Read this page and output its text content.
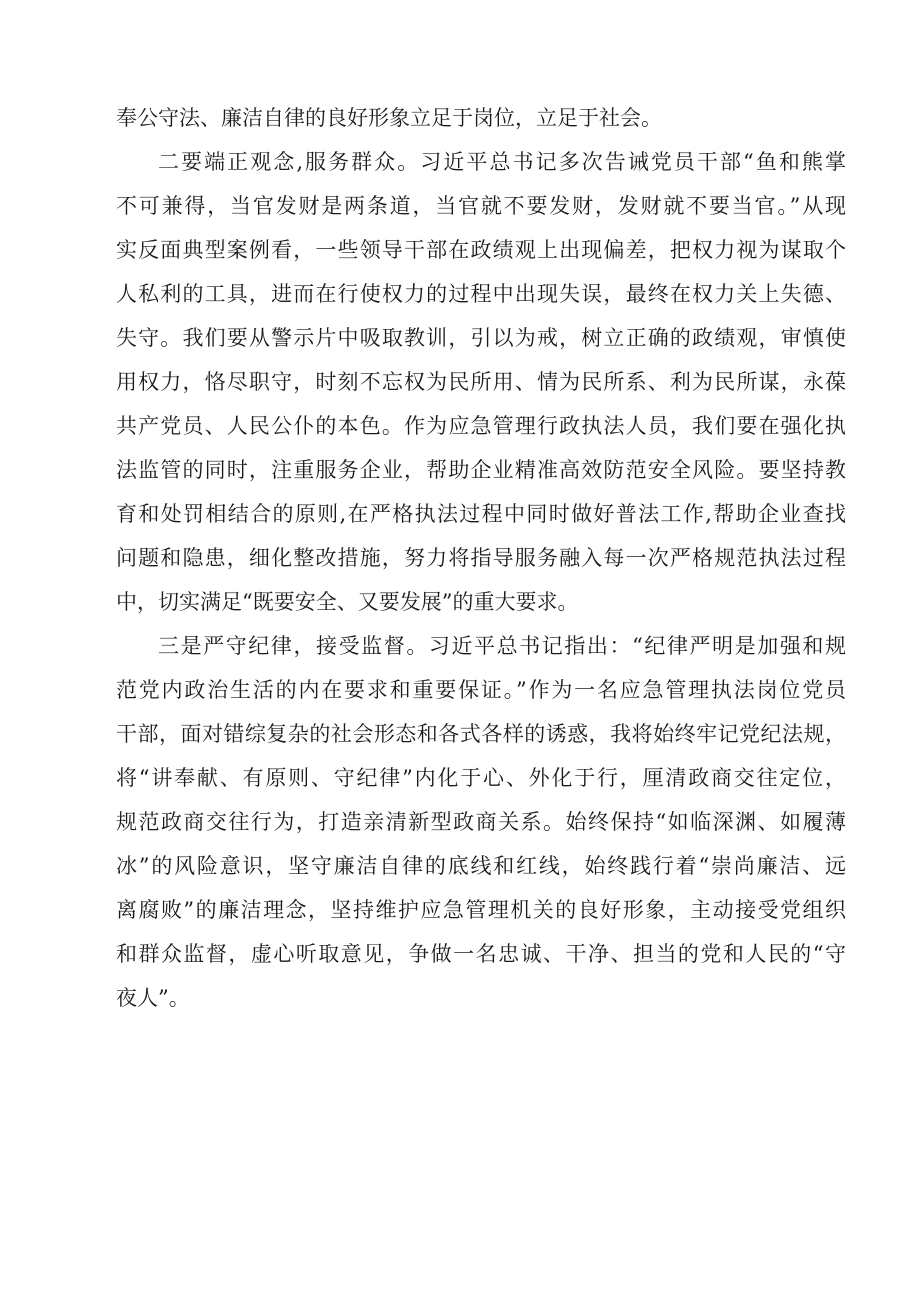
奉公守法、廉洁自律的良好形象立足于岗位，立足于社会。
二要端正观念,服务群众。习近平总书记多次告诫党员干部“鱼和熊掌
不可兼得，当官发财是两条道，当官就不要发财，发财就不要当官。”从现
实反面典型案例看，一些领导干部在政绩观上出现偏差，把权力视为谋取个
人私利的工具，进而在行使权力的过程中出现失误，最终在权力关上失德、
失守。我们要从警示片中吸取教训，引以为戒，树立正确的政绩观，审慎使
用权力，恪尽职守，时刻不忘权为民所用、情为民所系、利为民所谋，永葆
共产党员、人民公仆的本色。作为应急管理行政执法人员，我们要在强化执
法监管的同时，注重服务企业，帮助企业精准高效防范安全风险。要坚持教
育和处罚相结合的原则,在严格执法过程中同时做好普法工作,帮助企业查找
问题和隐患，细化整改措施，努力将指导服务融入每一次严格规范执法过程
中，切实满足“既要安全、又要发展”的重大要求。
三是严守纪律，接受监督。习近平总书记指出：“纪律严明是加强和规
范党内政治生活的内在要求和重要保证。”作为一名应急管理执法岗位党员
干部，面对错综复杂的社会形态和各式各样的诱惑，我将始终牢记党纪法规，
将“讲奉献、有原则、守纪律”内化于心、外化于行，厘清政商交往定位，
规范政商交往行为，打造亲清新型政商关系。始终保持“如临深渊、如履薄
冰”的风险意识，坚守廉洁自律的底线和红线，始终践行着“崇尚廉洁、远
离腐败”的廉洁理念，坚持维护应急管理机关的良好形象，主动接受党组织
和群众监督，虚心听取意见，争做一名忠诚、干净、担当的党和人民的“守
夜人”。
